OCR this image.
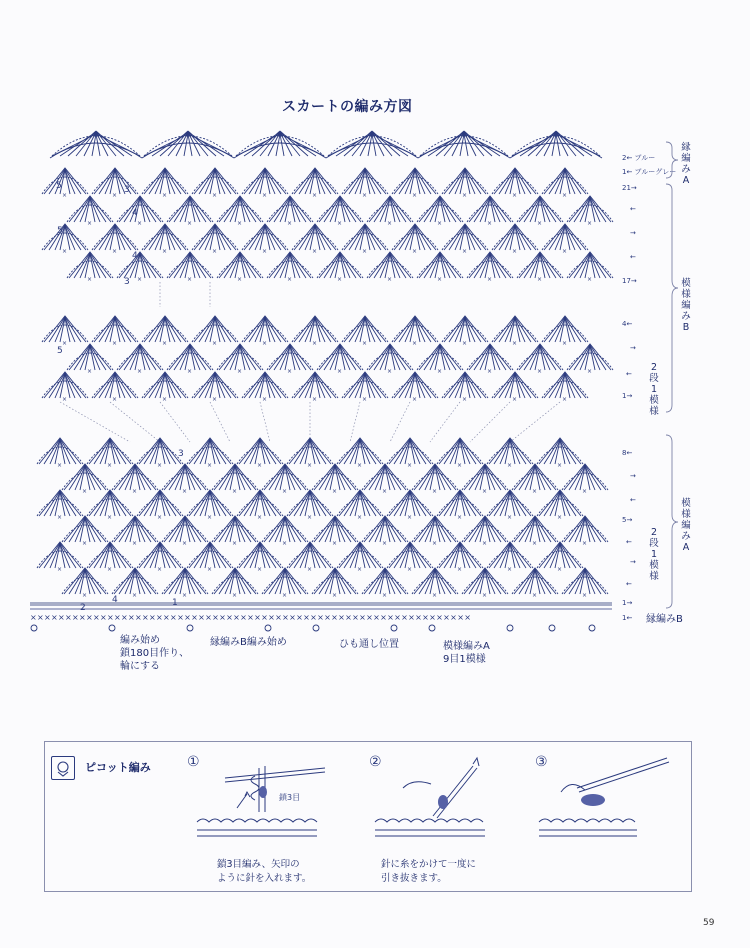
スカートの編み方図
×
×××××××××××××××××××××××××××××××××××××××××××××××××××××××××××××××
5	3
4
5
4
3
5
3
4	1
2
2← ブルー
1← ブルーグレー
21→
←
→
←
17→
4←
→
←
1→
8←
→
←
5→
←
→
←
1→
1← 縁編みB
縁編みA
模様編みB
2段1模様
模様編みA
2段1模様
編み始め
鎖180目作り、
輪にする
縁編みB編み始め	ひも通し位置	模様編みA
9目1模様
ピコット編み	①
鎖3目
鎖3目編み、矢印の
ように針を入れます。
②
針に糸をかけて一度に
引き抜きます。
③
59
